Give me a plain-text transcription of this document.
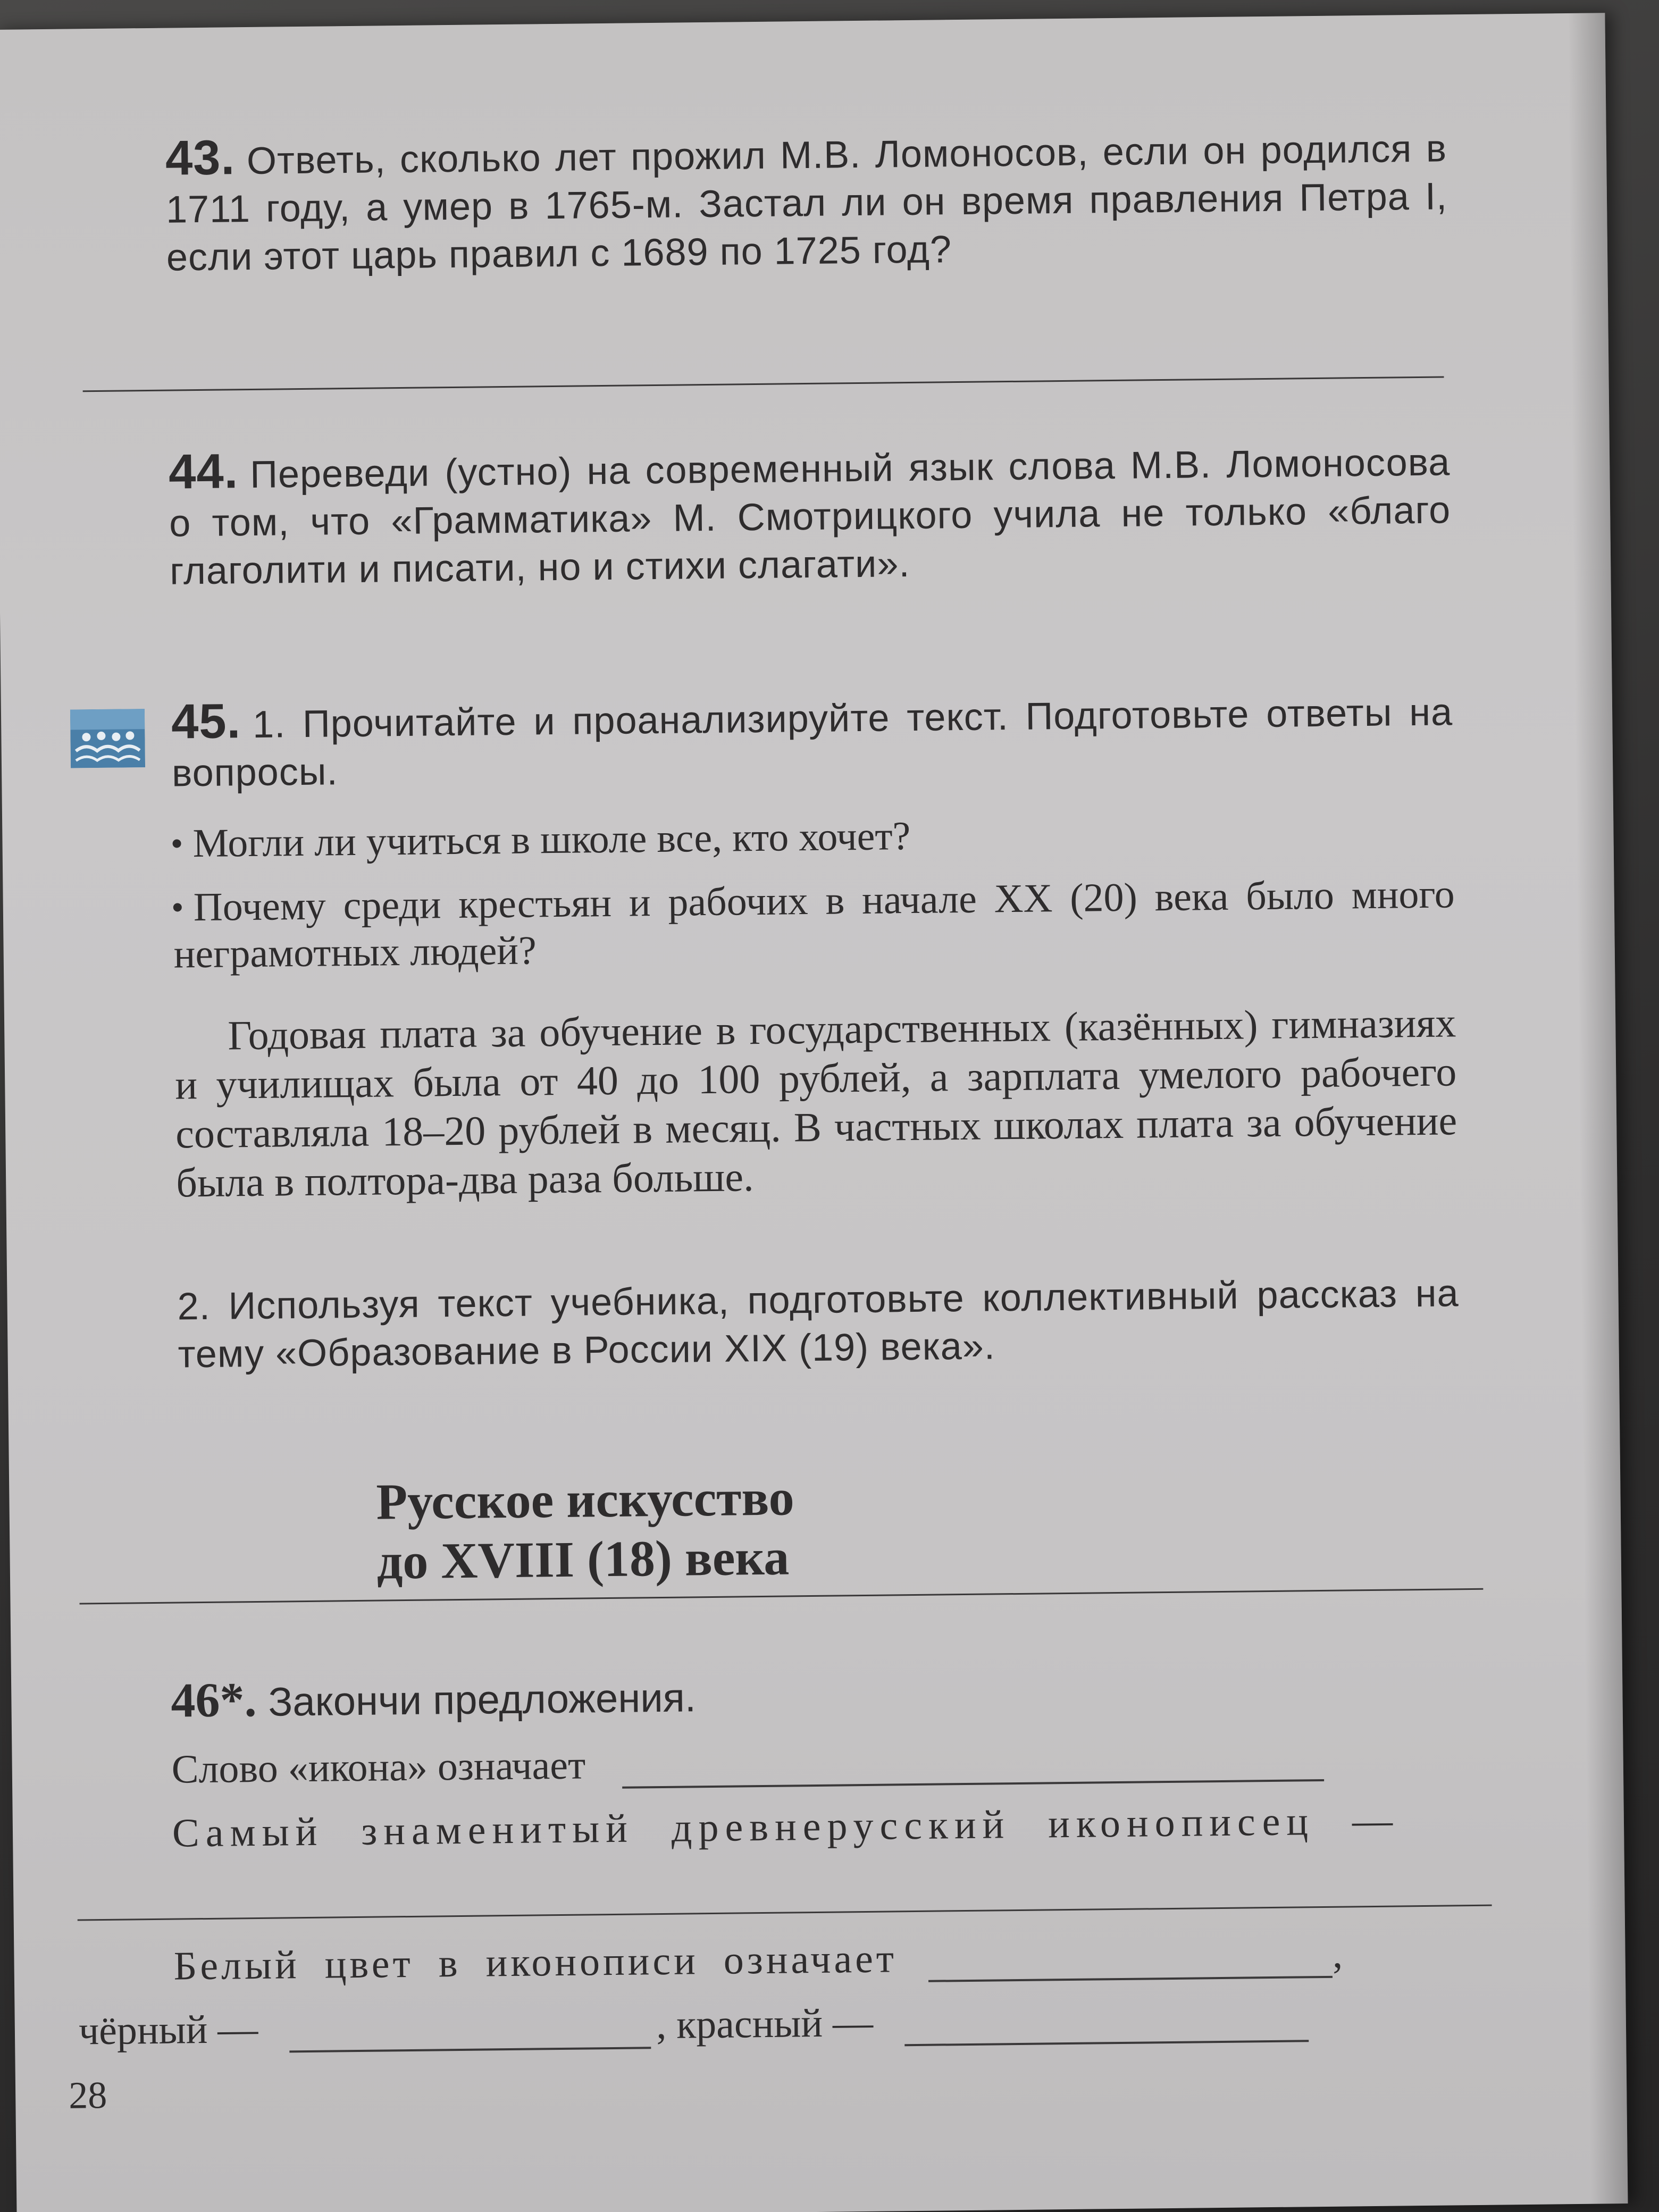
43. Ответь, сколько лет прожил М.В. Ломоносов, если он родился в 1711 году, а умер в 1765-м. Застал ли он время правления Петра I, если этот царь правил с 1689 по 1725 год?
44. Переведи (устно) на современный язык слова М.В. Ломоносова о том, что «Грамматика» М. Смотрицкого учила не только «благо глаголити и писати, но и стихи слагати».
45. 1. Прочитайте и проанализируйте текст. Подготовьте ответы на вопросы.
Могли ли учиться в школе все, кто хочет?
Почему среди крестьян и рабочих в начале XX (20) века было много неграмотных людей?
Годовая плата за обучение в государственных (казённых) гимназиях и училищах была от 40 до 100 рублей, а зарплата умелого рабочего составляла 18–20 рублей в месяц. В частных школах плата за обучение была в полтора-два раза больше.
2. Используя текст учебника, подготовьте коллективный рассказ на тему «Образование в России XIX (19) века».
Русское искусство
до XVIII (18) века
46*. Закончи предложения.
Слово «икона» означает
Самый знаменитый древнерусский иконописец —
Белый цвет в иконописи означает	,
чёрный —	, красный —
28
